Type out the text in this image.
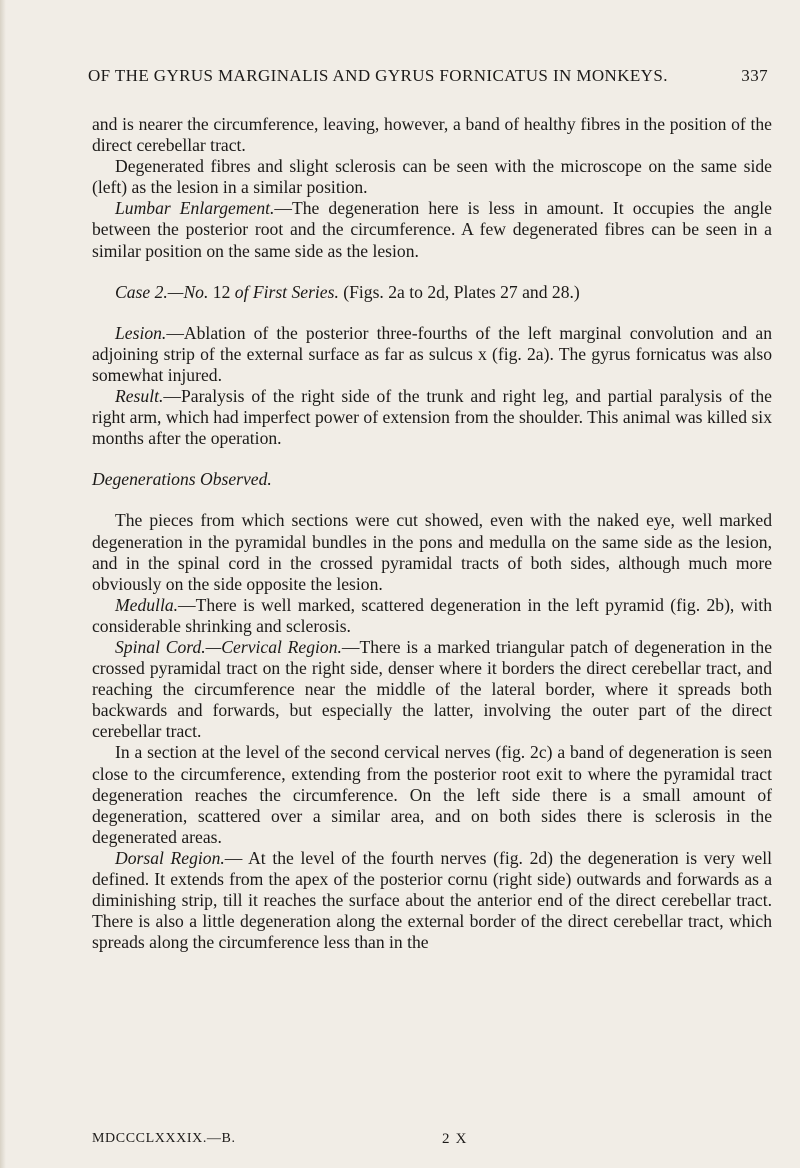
OF THE GYRUS MARGINALIS AND GYRUS FORNICATUS IN MONKEYS.	337

and is nearer the circumference, leaving, however, a band of healthy fibres in the position of the direct cerebellar tract.

Degenerated fibres and slight sclerosis can be seen with the microscope on the same side (left) as the lesion in a similar position.

Lumbar Enlargement.—The degeneration here is less in amount. It occupies the angle between the posterior root and the circumference. A few degenerated fibres can be seen in a similar position on the same side as the lesion.

Case 2.—No. 12 of First Series. (Figs. 2a to 2d, Plates 27 and 28.)

Lesion.—Ablation of the posterior three-fourths of the left marginal convolution and an adjoining strip of the external surface as far as sulcus x (fig. 2a). The gyrus fornicatus was also somewhat injured.

Result.—Paralysis of the right side of the trunk and right leg, and partial paralysis of the right arm, which had imperfect power of extension from the shoulder. This animal was killed six months after the operation.

Degenerations Observed.

The pieces from which sections were cut showed, even with the naked eye, well marked degeneration in the pyramidal bundles in the pons and medulla on the same side as the lesion, and in the spinal cord in the crossed pyramidal tracts of both sides, although much more obviously on the side opposite the lesion.

Medulla.—There is well marked, scattered degeneration in the left pyramid (fig. 2b), with considerable shrinking and sclerosis.

Spinal Cord.—Cervical Region.—There is a marked triangular patch of degeneration in the crossed pyramidal tract on the right side, denser where it borders the direct cerebellar tract, and reaching the circumference near the middle of the lateral border, where it spreads both backwards and forwards, but especially the latter, involving the outer part of the direct cerebellar tract.

In a section at the level of the second cervical nerves (fig. 2c) a band of degeneration is seen close to the circumference, extending from the posterior root exit to where the pyramidal tract degeneration reaches the circumference. On the left side there is a small amount of degeneration, scattered over a similar area, and on both sides there is sclerosis in the degenerated areas.

Dorsal Region.— At the level of the fourth nerves (fig. 2d) the degeneration is very well defined. It extends from the apex of the posterior cornu (right side) outwards and forwards as a diminishing strip, till it reaches the surface about the anterior end of the direct cerebellar tract. There is also a little degeneration along the external border of the direct cerebellar tract, which spreads along the circumference less than in the

MDCCCLXXXIX.—B.	2 X
